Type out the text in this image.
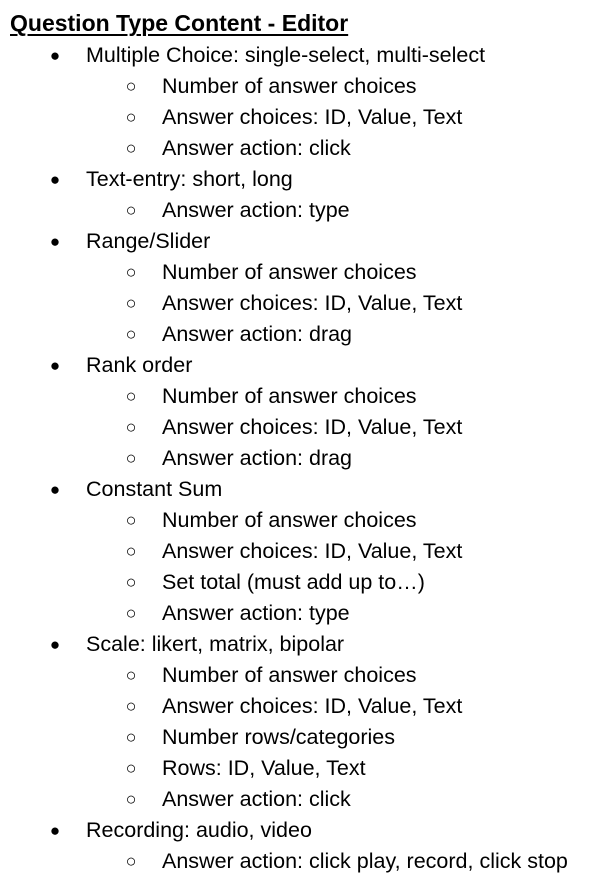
Question Type Content - Editor
● Multiple Choice: single-select, multi-select
○ Number of answer choices
○ Answer choices: ID, Value, Text
○ Answer action: click
● Text-entry: short, long
○ Answer action: type
● Range/Slider
○ Number of answer choices
○ Answer choices: ID, Value, Text
○ Answer action: drag
● Rank order
○ Number of answer choices
○ Answer choices: ID, Value, Text
○ Answer action: drag
● Constant Sum
○ Number of answer choices
○ Answer choices: ID, Value, Text
○ Set total (must add up to…)
○ Answer action: type
● Scale: likert, matrix, bipolar
○ Number of answer choices
○ Answer choices: ID, Value, Text
○ Number rows/categories
○ Rows: ID, Value, Text
○ Answer action: click
● Recording: audio, video
○ Answer action: click play, record, click stop
